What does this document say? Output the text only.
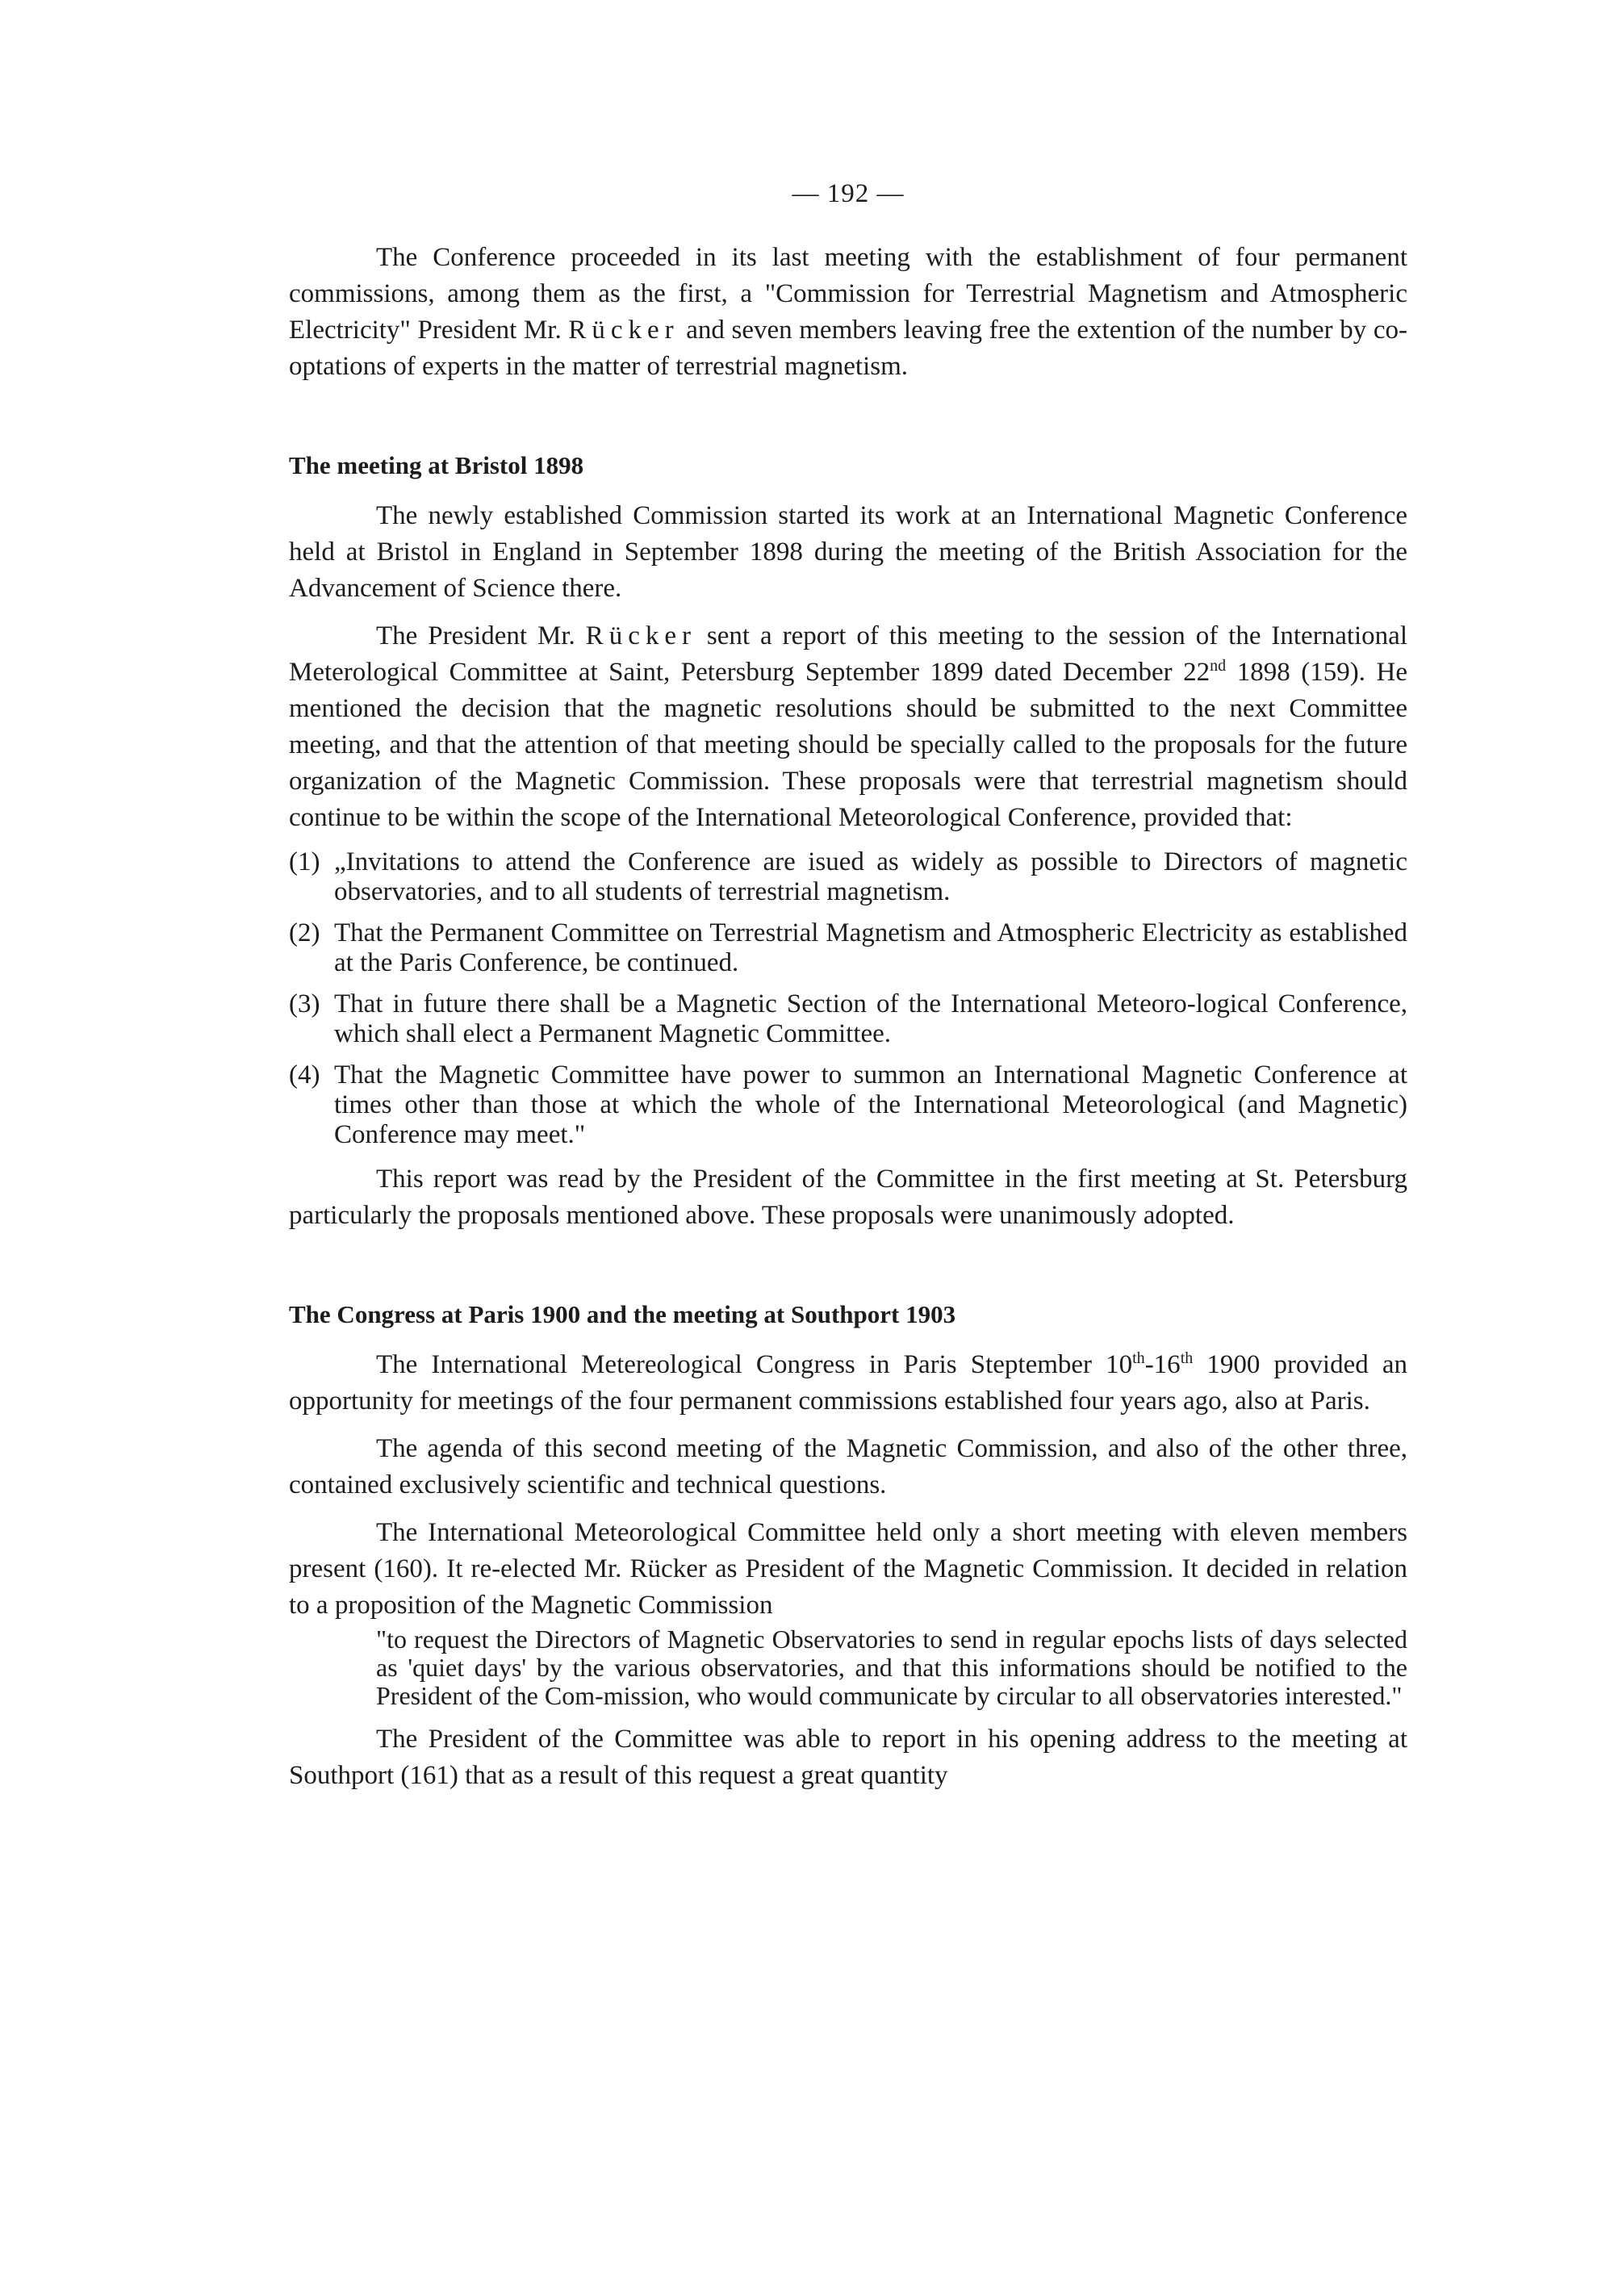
— 192 —

The Conference proceeded in its last meeting with the establishment of four permanent commissions, among them as the first, a "Commission for Terrestrial Magnetism and Atmospheric Electricity" President Mr. Rücker and seven members leaving free the extention of the number by co-optations of experts in the matter of terrestrial magnetism.

The meeting at Bristol 1898

The newly established Commission started its work at an International Magnetic Conference held at Bristol in England in September 1898 during the meeting of the British Association for the Advancement of Science there.

The President Mr. Rücker sent a report of this meeting to the session of the International Meterological Committee at Saint, Petersburg September 1899 dated December 22nd 1898 (159). He mentioned the decision that the magnetic resolutions should be submitted to the next Committee meeting, and that the attention of that meeting should be specially called to the proposals for the future organization of the Magnetic Commission. These proposals were that terrestrial magnetism should continue to be within the scope of the International Meteorological Conference, provided that:

(1) „Invitations to attend the Conference are isued as widely as possible to Directors of magnetic observatories, and to all students of terrestrial magnetism.
(2) That the Permanent Committee on Terrestrial Magnetism and Atmospheric Electricity as established at the Paris Conference, be continued.
(3) That in future there shall be a Magnetic Section of the International Meteoro-logical Conference, which shall elect a Permanent Magnetic Committee.
(4) That the Magnetic Committee have power to summon an International Magnetic Conference at times other than those at which the whole of the International Meteorological (and Magnetic) Conference may meet."

This report was read by the President of the Committee in the first meeting at St. Petersburg particularly the proposals mentioned above. These proposals were unanimously adopted.

The Congress at Paris 1900 and the meeting at Southport 1903

The International Metereological Congress in Paris Steptember 10th-16th 1900 provided an opportunity for meetings of the four permanent commissions established four years ago, also at Paris.

The agenda of this second meeting of the Magnetic Commission, and also of the other three, contained exclusively scientific and technical questions.

The International Meteorological Committee held only a short meeting with eleven members present (160). It re-elected Mr. Rücker as President of the Magnetic Commission. It decided in relation to a proposition of the Magnetic Commission

"to request the Directors of Magnetic Observatories to send in regular epochs lists of days selected as 'quiet days' by the various observatories, and that this informations should be notified to the President of the Com-mission, who would communicate by circular to all observatories interested."

The President of the Committee was able to report in his opening address to the meeting at Southport (161) that as a result of this request a great quantity
